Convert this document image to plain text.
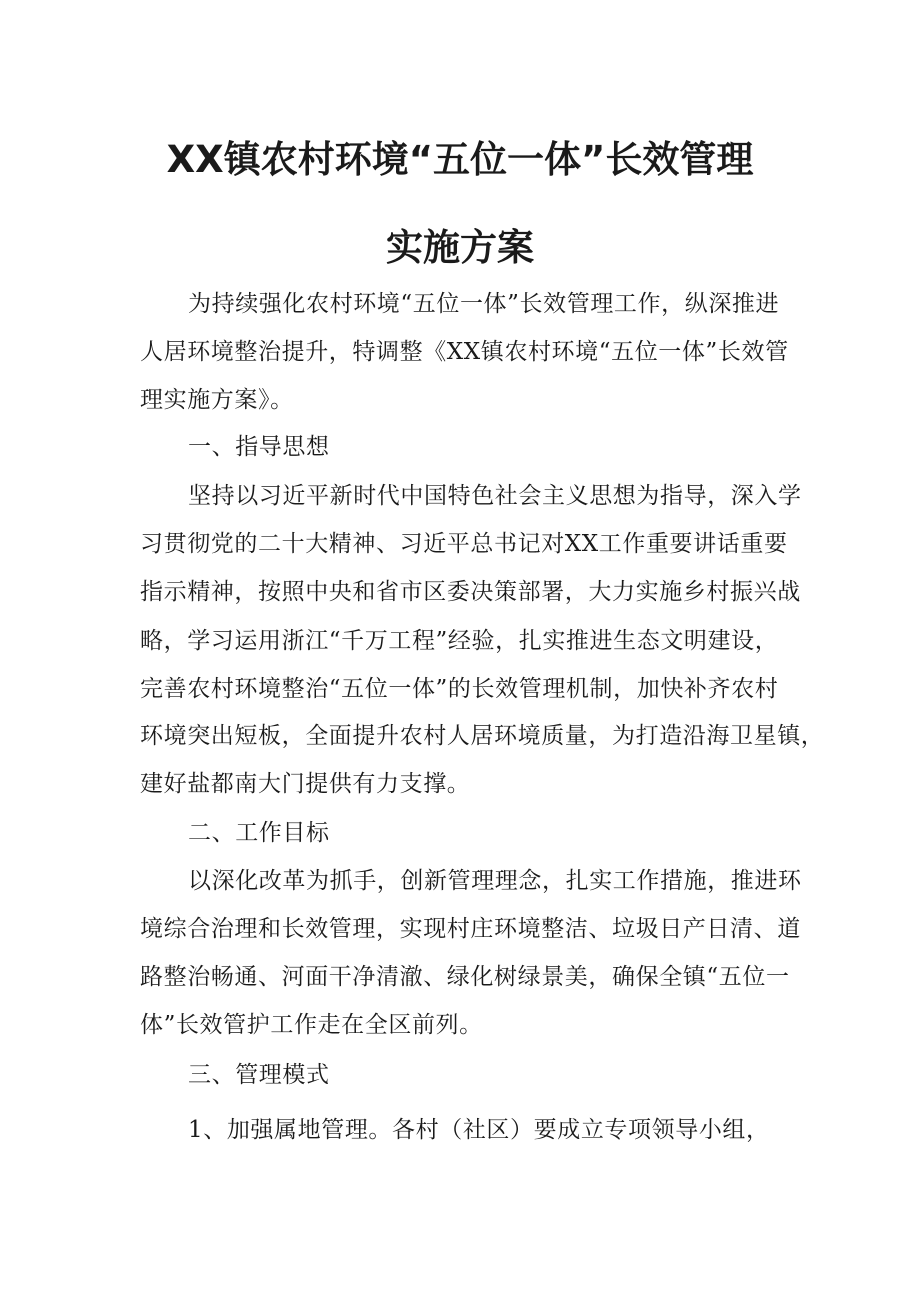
XX镇农村环境“五位一体”长效管理
实施方案
为持续强化农村环境“五位一体”长效管理工作，纵深推进
人居环境整治提升，特调整《XX镇农村环境“五位一体”长效管
理实施方案》。
一、指导思想
坚持以习近平新时代中国特色社会主义思想为指导，深入学
习贯彻党的二十大精神、习近平总书记对XX工作重要讲话重要
指示精神，按照中央和省市区委决策部署，大力实施乡村振兴战
略，学习运用浙江“千万工程”经验，扎实推进生态文明建设，
完善农村环境整治“五位一体”的长效管理机制，加快补齐农村
环境突出短板，全面提升农村人居环境质量，为打造沿海卫星镇，
建好盐都南大门提供有力支撑。
二、工作目标
以深化改革为抓手，创新管理理念，扎实工作措施，推进环
境综合治理和长效管理，实现村庄环境整洁、垃圾日产日清、道
路整治畅通、河面干净清澈、绿化树绿景美，确保全镇“五位一
体”长效管护工作走在全区前列。
三、管理模式
1、加强属地管理。各村（社区）要成立专项领导小组，
